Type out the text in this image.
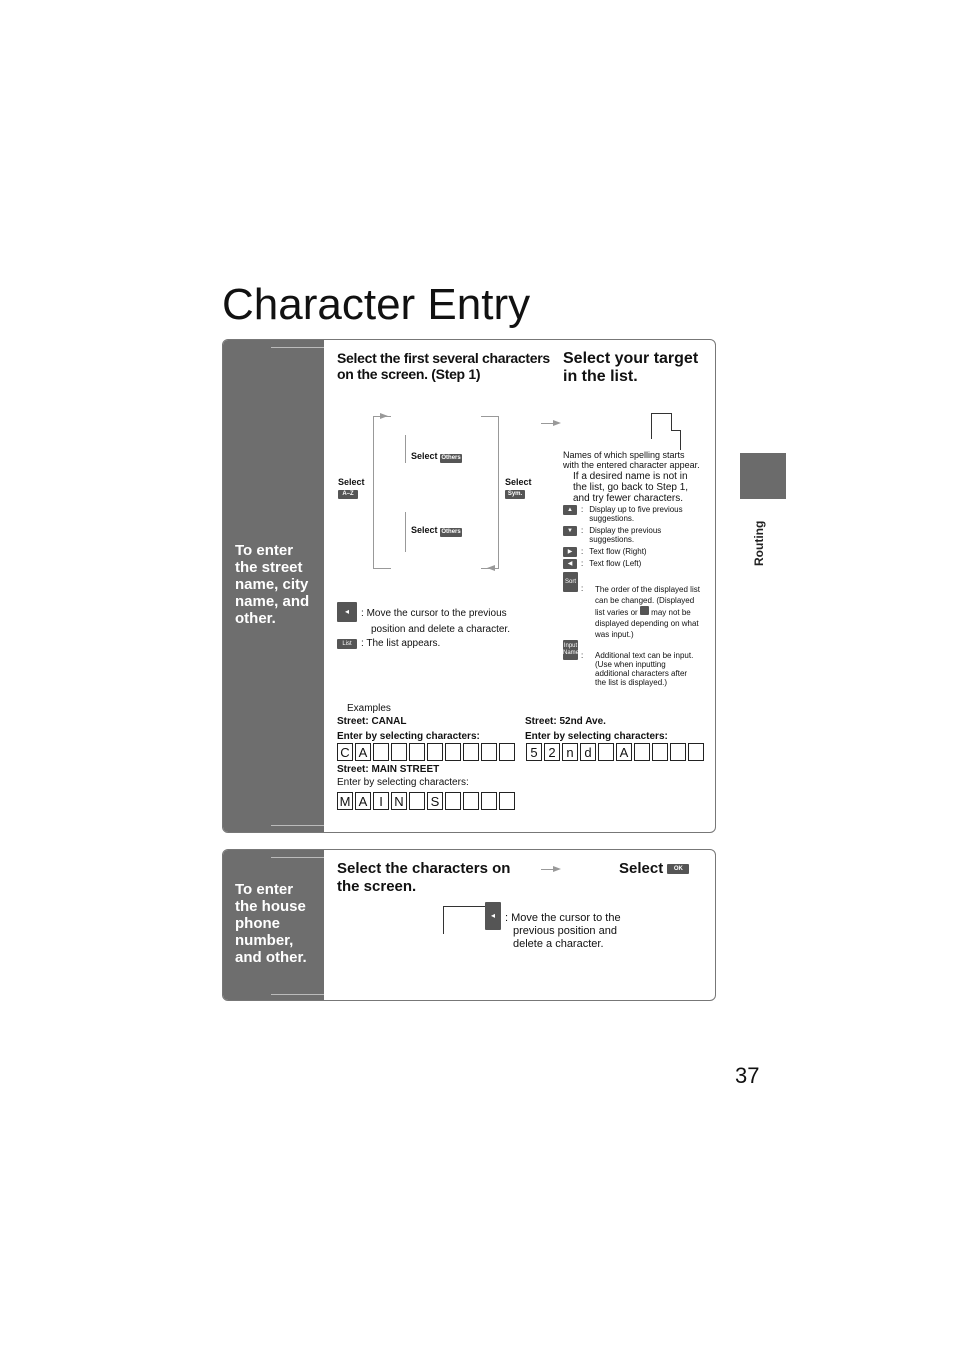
Character Entry
Routing
To enter
the street
name, city
name, and
other.
Select the first several characters
on the screen. (Step 1)
Select your target
in the list.
Select
A–Z
Select
Sym.
Select Others
Select Others
Names of which spelling starts
with the entered character appear.
If a desired name is not in
the list, go back to Step 1,
and try fewer characters.
▲	: Display up to five previous
suggestions.
▼	: Display the previous
suggestions.
▶	: Text flow (Right)
◀	: Text flow (Left)
Sort
: The order of the displayed list
can be changed. (Displayed
list varies or may not be
displayed depending on what
was input.)
Input Name : Additional text can be input.
(Use when inputting
additional characters after
the list is displayed.)
◂	: Move the cursor to the previous
position and delete a character.
List : The list appears.
Examples
Street: CANAL
Enter by selecting characters:
Street: 52nd Ave.
Enter by selecting characters:
C A	5 2 n d	A
Street: MAIN STREET
Enter by selecting characters:
M A I N S
To enter
the house
phone
number,
and other.
Select the characters on
the screen.
Select OK
◂ : Move the cursor to the
previous position and
delete a character.
37
